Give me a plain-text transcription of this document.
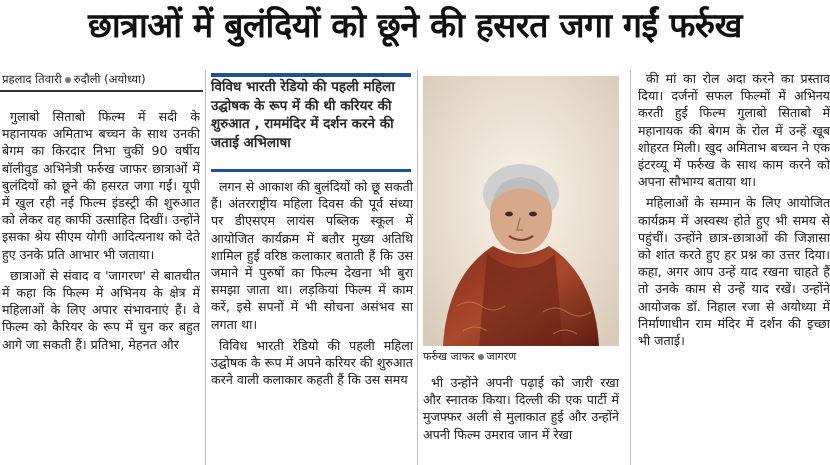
छात्राओं में बुलंदियों को छूने की हसरत जगा गईं फर्रुख
प्रहलाद तिवारी रुदौली (अयोध्या)

गुलाबो सिताबो फिल्म में सदी के महानायक अमिताभ बच्चन के साथ उनकी बेगम का किरदार निभा चुकीं 90 वर्षीय बॉलीवुड अभिनेत्री फर्रुख जाफर छात्राओं में बुलंदियों को छूने की हसरत जगा गईं। यूपी में खुल रही नई फिल्म इंडस्ट्री की शुरुआत को लेकर वह काफी उत्साहित दिखीं। उन्होंने इसका श्रेय सीएम योगी आदित्यनाथ को देते हुए उनके प्रति आभार भी जताया।

छात्राओं से संवाद व 'जागरण' से बातचीत में कहा कि फिल्म में अभिनय के क्षेत्र में महिलाओं के लिए अपार संभावनाएं हैं। वे फिल्म को कैरियर के रूप में चुन कर बहुत आगे जा सकती हैं। प्रतिभा, मेहनत और

विविध भारती रेडियो की पहली महिला उद्घोषक के रूप में की थी करियर की शुरुआत , राममंदिर में दर्शन करने की जताई अभिलाषा

लगन से आकाश की बुलंदियों को छू सकती हैं। अंतरराष्ट्रीय महिला दिवस की पूर्व संध्या पर डीएसएम लायंस पब्लिक स्कूल में आयोजित कार्यक्रम में बतौर मुख्य अतिथि शामिल हुईं वरिष्ठ कलाकार बताती हैं कि उस जमाने में पुरुषों का फिल्म देखना भी बुरा समझा जाता था। लड़कियां फिल्म में काम करें, इसे सपनों में भी सोचना असंभव सा लगता था।

विविध भारती रेडियो की पहली महिला उद्घोषक के रूप में अपने करियर की शुरुआत करने वाली कलाकार कहती हैं कि उस समय

फर्रुख जाफर जागरण

भी उन्होंने अपनी पढ़ाई को जारी रखा और स्नातक किया। दिल्ली की एक पार्टी में मुजफ्फर अली से मुलाकात हुई और उन्होंने अपनी फिल्म उमराव जान में रेखा

की मां का रोल अदा करने का प्रस्ताव दिया। दर्जनों सफल फिल्मों में अभिनय करती हुई फिल्म गुलाबो सिताबो में महानायक की बेगम के रोल में उन्हें खूब शोहरत मिली। खुद अमिताभ बच्चन ने एक इंटरव्यू में फर्रुख के साथ काम करने को अपना सौभाग्य बताया था।

महिलाओं के सम्मान के लिए आयोजित कार्यक्रम में अस्वस्थ होते हुए भी समय से पहुंचीं। उन्होंने छात्र-छात्राओं की जिज्ञासा को शांत करते हुए हर प्रश्न का उत्तर दिया। कहा, अगर आप उन्हें याद रखना चाहते हैं तो उनके काम से उन्हें याद रखें। उन्होंने आयोजक डॉ. निहाल रजा से अयोध्या में निर्माणाधीन राम मंदिर में दर्शन की इच्छा भी जताई।
